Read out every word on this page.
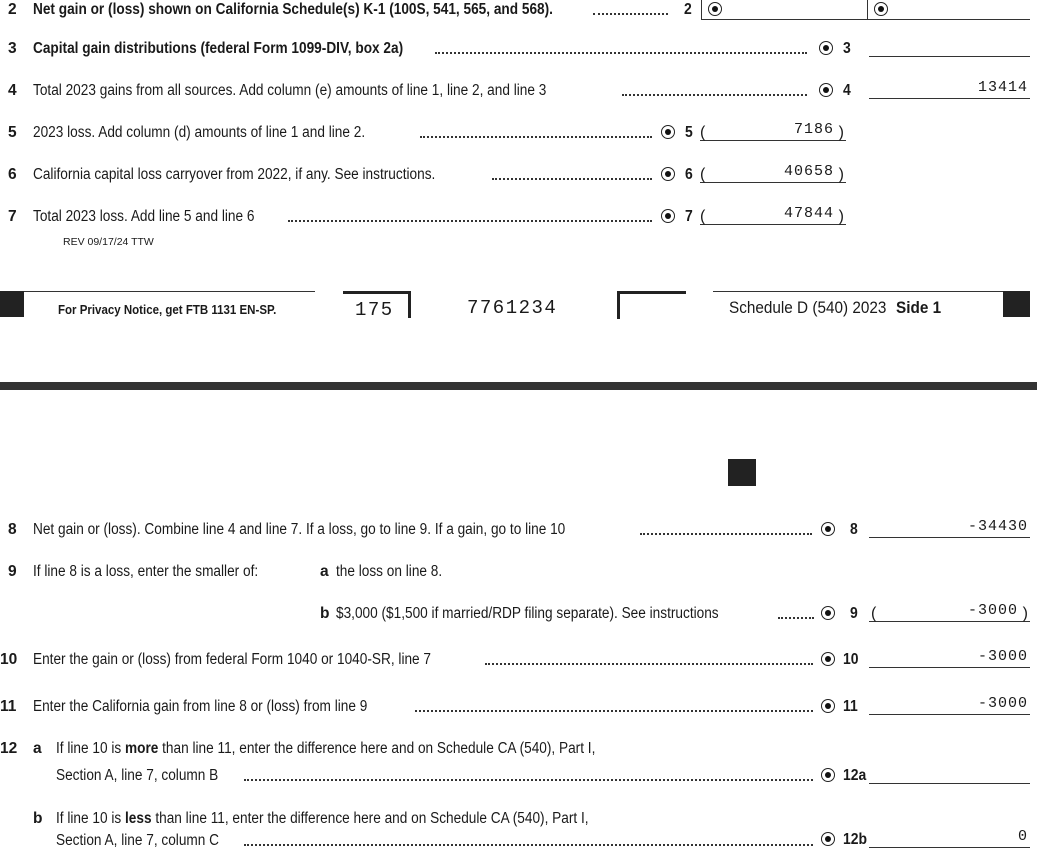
2 Net gain or (loss) shown on California Schedule(s) K-1 (100S, 541, 565, and 568).	2
3 Capital gain distributions (federal Form 1099-DIV, box 2a)	3
4 Total 2023 gains from all sources. Add column (e) amounts of line 1, line 2, and line 3	4	13414
5 2023 loss. Add column (d) amounts of line 1 and line 2.	5 (	7186 )
6 California capital loss carryover from 2022, if any. See instructions.	6 (	40658 )
7 Total 2023 loss. Add line 5 and line 6	7 (	47844 )
REV 09/17/24 TTW
For Privacy Notice, get FTB 1131 EN-SP.	175	7761234	Schedule D (540) 2023 Side 1
8 Net gain or (loss). Combine line 4 and line 7. If a loss, go to line 9. If a gain, go to line 10	8	-34430
9 If line 8 is a loss, enter the smaller of:	a the loss on line 8.
b $3,000 ($1,500 if married/RDP filing separate). See instructions	9 (	-3000 )
10 Enter the gain or (loss) from federal Form 1040 or 1040-SR, line 7	10	-3000
11 Enter the California gain from line 8 or (loss) from line 9	11	-3000
12 a If line 10 is more than line 11, enter the difference here and on Schedule CA (540), Part I,
Section A, line 7, column B	12a
b If line 10 is less than line 11, enter the difference here and on Schedule CA (540), Part I,
Section A, line 7, column C	12b	0
